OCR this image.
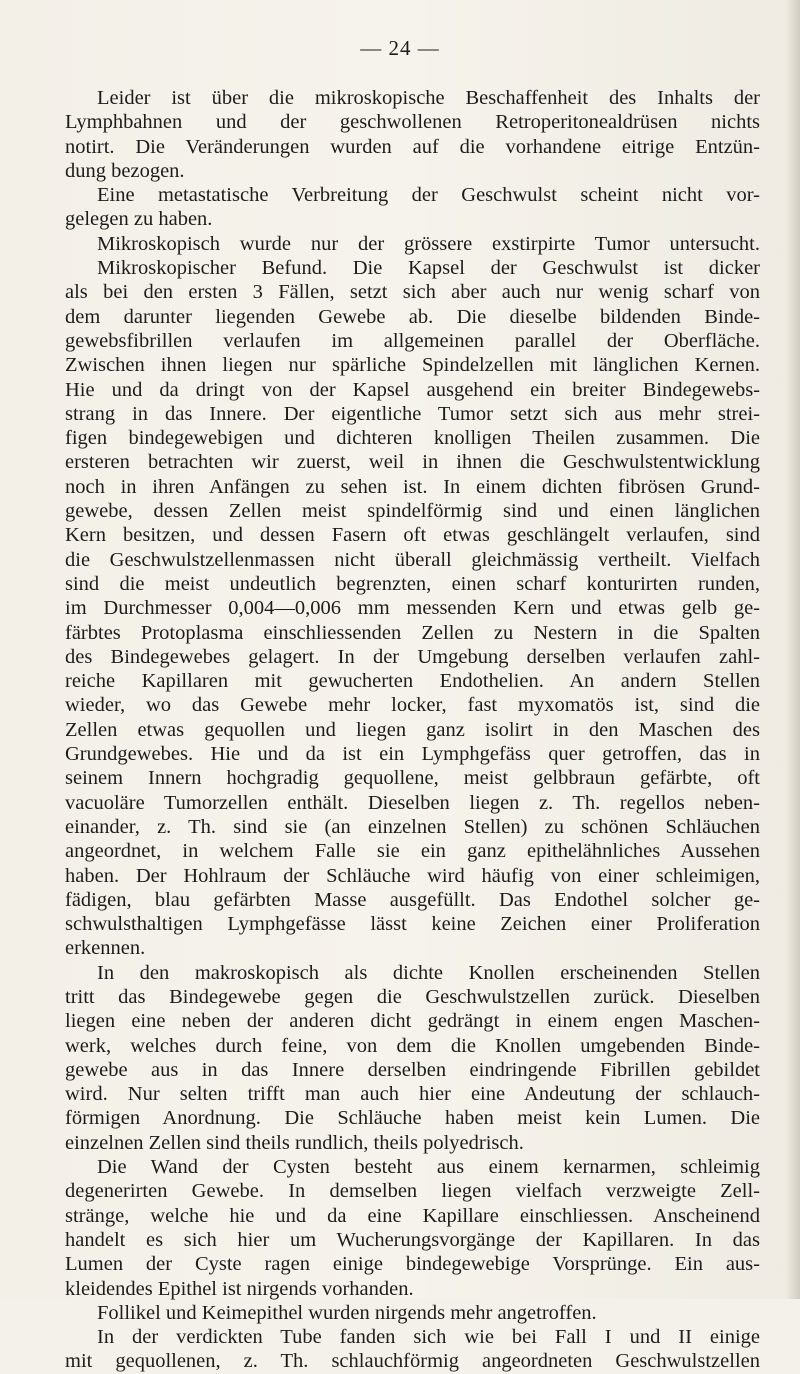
— 24 —
Leider ist über die mikroskopische Beschaffenheit des Inhalts der
Lymphbahnen und der geschwollenen Retroperitonealdrüsen nichts
notirt. Die Veränderungen wurden auf die vorhandene eitrige Entzün-
dung bezogen.
Eine metastatische Verbreitung der Geschwulst scheint nicht vor-
gelegen zu haben.
Mikroskopisch wurde nur der grössere exstirpirte Tumor untersucht.
Mikroskopischer Befund. Die Kapsel der Geschwulst ist dicker
als bei den ersten 3 Fällen, setzt sich aber auch nur wenig scharf von
dem darunter liegenden Gewebe ab. Die dieselbe bildenden Binde-
gewebsfibrillen verlaufen im allgemeinen parallel der Oberfläche.
Zwischen ihnen liegen nur spärliche Spindelzellen mit länglichen Kernen.
Hie und da dringt von der Kapsel ausgehend ein breiter Bindegewebs-
strang in das Innere. Der eigentliche Tumor setzt sich aus mehr strei-
figen bindegewebigen und dichteren knolligen Theilen zusammen. Die
ersteren betrachten wir zuerst, weil in ihnen die Geschwulstentwicklung
noch in ihren Anfängen zu sehen ist. In einem dichten fibrösen Grund-
gewebe, dessen Zellen meist spindelförmig sind und einen länglichen
Kern besitzen, und dessen Fasern oft etwas geschlängelt verlaufen, sind
die Geschwulstzellenmassen nicht überall gleichmässig vertheilt. Vielfach
sind die meist undeutlich begrenzten, einen scharf konturirten runden,
im Durchmesser 0,004—0,006 mm messenden Kern und etwas gelb ge-
färbtes Protoplasma einschliessenden Zellen zu Nestern in die Spalten
des Bindegewebes gelagert. In der Umgebung derselben verlaufen zahl-
reiche Kapillaren mit gewucherten Endothelien. An andern Stellen
wieder, wo das Gewebe mehr locker, fast myxomatös ist, sind die
Zellen etwas gequollen und liegen ganz isolirt in den Maschen des
Grundgewebes. Hie und da ist ein Lymphgefäss quer getroffen, das in
seinem Innern hochgradig gequollene, meist gelbbraun gefärbte, oft
vacuoläre Tumorzellen enthält. Dieselben liegen z. Th. regellos neben-
einander, z. Th. sind sie (an einzelnen Stellen) zu schönen Schläuchen
angeordnet, in welchem Falle sie ein ganz epithelähnliches Aussehen
haben. Der Hohlraum der Schläuche wird häufig von einer schleimigen,
fädigen, blau gefärbten Masse ausgefüllt. Das Endothel solcher ge-
schwulsthaltigen Lymphgefässe lässt keine Zeichen einer Proliferation
erkennen.
In den makroskopisch als dichte Knollen erscheinenden Stellen
tritt das Bindegewebe gegen die Geschwulstzellen zurück. Dieselben
liegen eine neben der anderen dicht gedrängt in einem engen Maschen-
werk, welches durch feine, von dem die Knollen umgebenden Binde-
gewebe aus in das Innere derselben eindringende Fibrillen gebildet
wird. Nur selten trifft man auch hier eine Andeutung der schlauch-
förmigen Anordnung. Die Schläuche haben meist kein Lumen. Die
einzelnen Zellen sind theils rundlich, theils polyedrisch.
Die Wand der Cysten besteht aus einem kernarmen, schleimig
degenerirten Gewebe. In demselben liegen vielfach verzweigte Zell-
stränge, welche hie und da eine Kapillare einschliessen. Anscheinend
handelt es sich hier um Wucherungsvorgänge der Kapillaren. In das
Lumen der Cyste ragen einige bindegewebige Vorsprünge. Ein aus-
kleidendes Epithel ist nirgends vorhanden.
Follikel und Keimepithel wurden nirgends mehr angetroffen.
In der verdickten Tube fanden sich wie bei Fall I und II einige
mit gequollenen, z. Th. schlauchförmig angeordneten Geschwulstzellen
